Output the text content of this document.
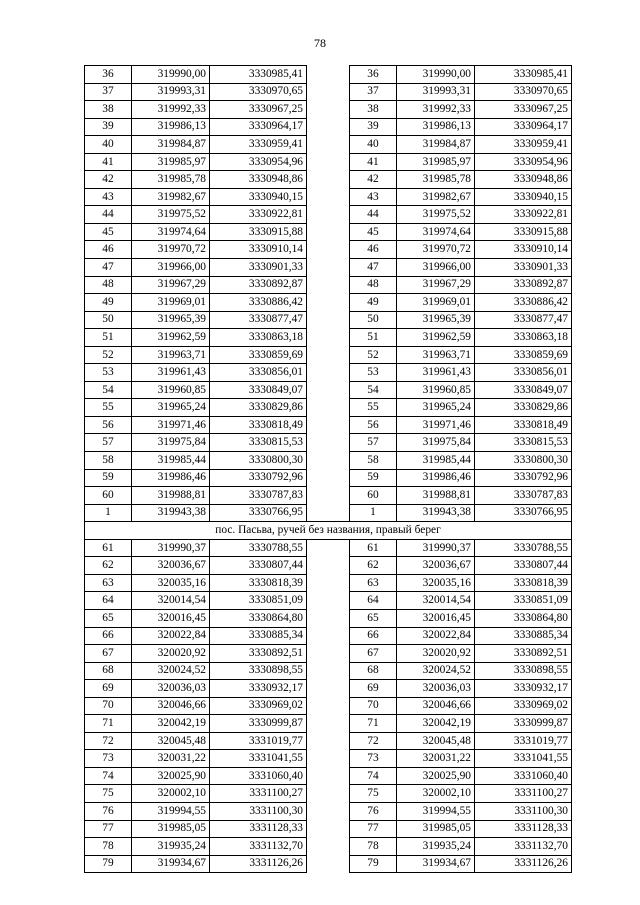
78
36	319990,00	3330985,41		36	319990,00	3330985,41
37	319993,31	3330970,65		37	319993,31	3330970,65
38	319992,33	3330967,25		38	319992,33	3330967,25
39	319986,13	3330964,17		39	319986,13	3330964,17
40	319984,87	3330959,41		40	319984,87	3330959,41
41	319985,97	3330954,96		41	319985,97	3330954,96
42	319985,78	3330948,86		42	319985,78	3330948,86
43	319982,67	3330940,15		43	319982,67	3330940,15
44	319975,52	3330922,81		44	319975,52	3330922,81
45	319974,64	3330915,88		45	319974,64	3330915,88
46	319970,72	3330910,14		46	319970,72	3330910,14
47	319966,00	3330901,33		47	319966,00	3330901,33
48	319967,29	3330892,87		48	319967,29	3330892,87
49	319969,01	3330886,42		49	319969,01	3330886,42
50	319965,39	3330877,47		50	319965,39	3330877,47
51	319962,59	3330863,18		51	319962,59	3330863,18
52	319963,71	3330859,69		52	319963,71	3330859,69
53	319961,43	3330856,01		53	319961,43	3330856,01
54	319960,85	3330849,07		54	319960,85	3330849,07
55	319965,24	3330829,86		55	319965,24	3330829,86
56	319971,46	3330818,49		56	319971,46	3330818,49
57	319975,84	3330815,53		57	319975,84	3330815,53
58	319985,44	3330800,30		58	319985,44	3330800,30
59	319986,46	3330792,96		59	319986,46	3330792,96
60	319988,81	3330787,83		60	319988,81	3330787,83
1	319943,38	3330766,95		1	319943,38	3330766,95
пос. Пасьва, ручей без названия, правый берег						
61	319990,37	3330788,55		61	319990,37	3330788,55
62	320036,67	3330807,44		62	320036,67	3330807,44
63	320035,16	3330818,39		63	320035,16	3330818,39
64	320014,54	3330851,09		64	320014,54	3330851,09
65	320016,45	3330864,80		65	320016,45	3330864,80
66	320022,84	3330885,34		66	320022,84	3330885,34
67	320020,92	3330892,51		67	320020,92	3330892,51
68	320024,52	3330898,55		68	320024,52	3330898,55
69	320036,03	3330932,17		69	320036,03	3330932,17
70	320046,66	3330969,02		70	320046,66	3330969,02
71	320042,19	3330999,87		71	320042,19	3330999,87
72	320045,48	3331019,77		72	320045,48	3331019,77
73	320031,22	3331041,55		73	320031,22	3331041,55
74	320025,90	3331060,40		74	320025,90	3331060,40
75	320002,10	3331100,27		75	320002,10	3331100,27
76	319994,55	3331100,30		76	319994,55	3331100,30
77	319985,05	3331128,33		77	319985,05	3331128,33
78	319935,24	3331132,70		78	319935,24	3331132,70
79	319934,67	3331126,26		79	319934,67	3331126,26
